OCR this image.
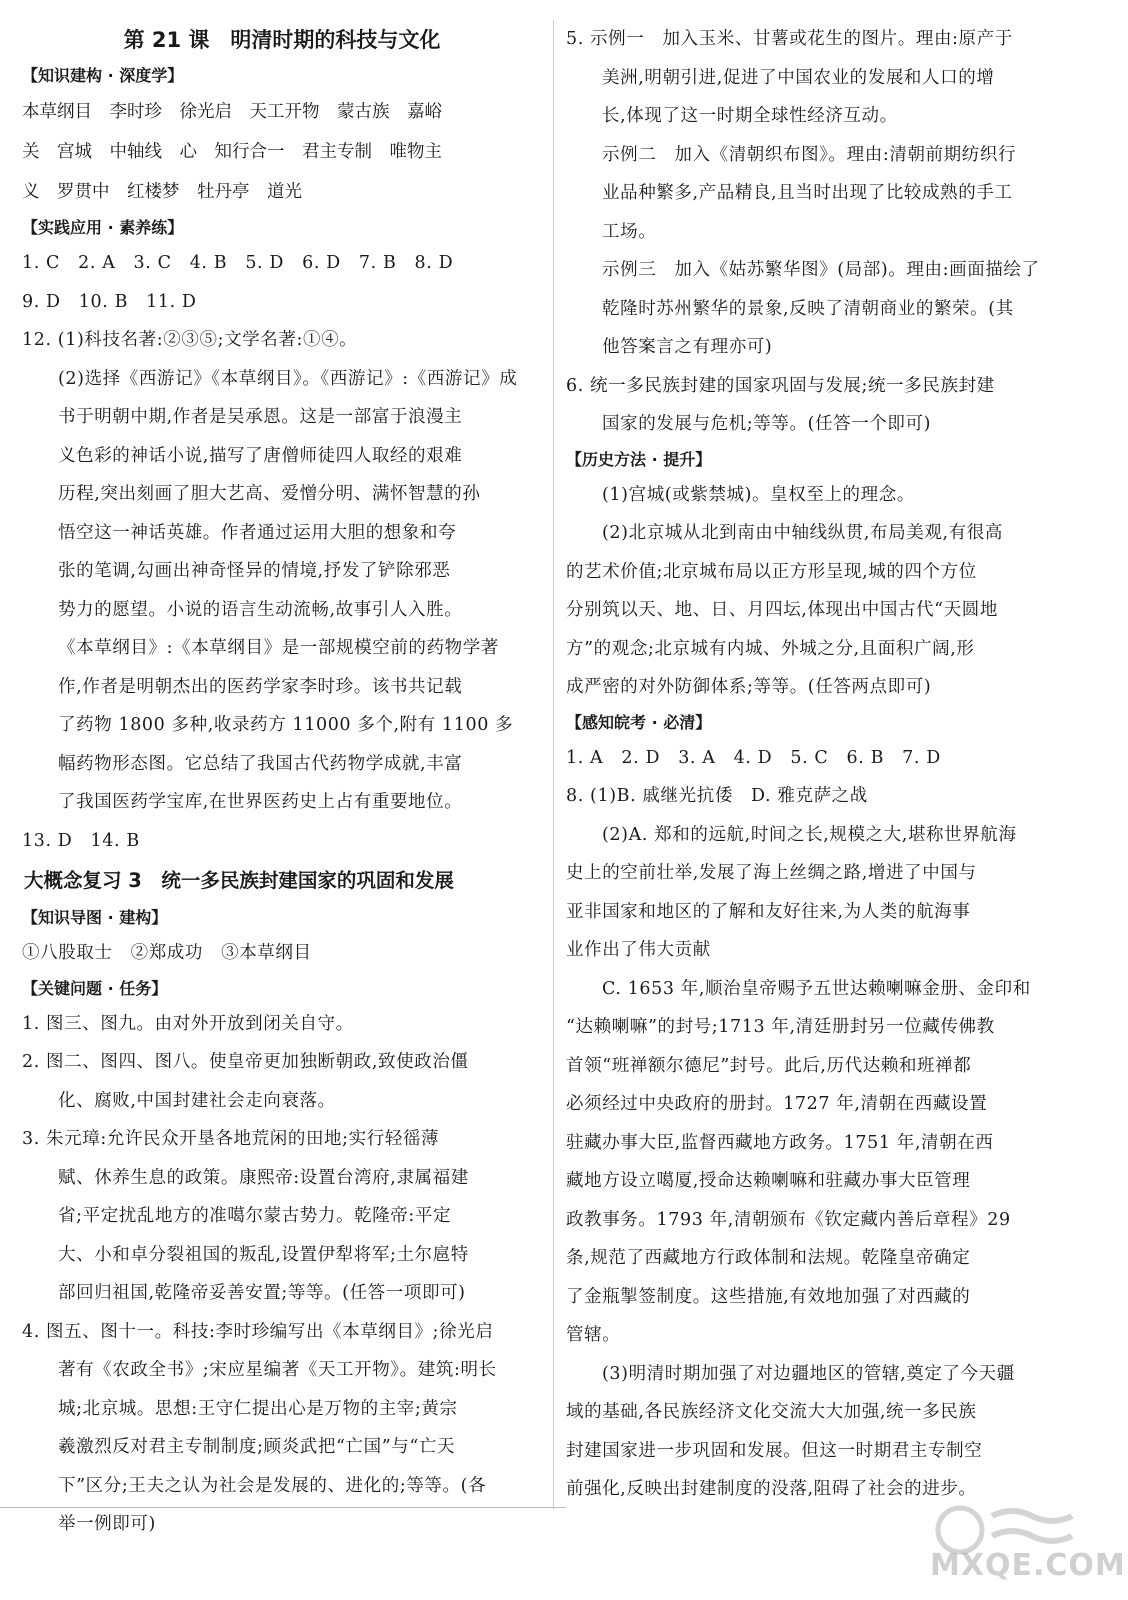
第 21 课　明清时期的科技与文化
【知识建构 · 深度学】
本草纲目　李时珍　徐光启　天工开物　蒙古族　嘉峪
关　宫城　中轴线　心　知行合一　君主专制　唯物主
义　罗贯中　红楼梦　牡丹亭　道光
【实践应用 · 素养练】
1. C　2. A　3. C　4. B　5. D　6. D　7. B　8. D
9. D　10. B　11. D
12. (1)科技名著:②③⑤;文学名著:①④。
(2)选择《西游记》《本草纲目》。《西游记》:《西游记》成
书于明朝中期,作者是吴承恩。这是一部富于浪漫主
义色彩的神话小说,描写了唐僧师徒四人取经的艰难
历程,突出刻画了胆大艺高、爱憎分明、满怀智慧的孙
悟空这一神话英雄。作者通过运用大胆的想象和夸
张的笔调,勾画出神奇怪异的情境,抒发了铲除邪恶
势力的愿望。小说的语言生动流畅,故事引人入胜。
《本草纲目》:《本草纲目》是一部规模空前的药物学著
作,作者是明朝杰出的医药学家李时珍。该书共记载
了药物 1800 多种,收录药方 11000 多个,附有 1100 多
幅药物形态图。它总结了我国古代药物学成就,丰富
了我国医药学宝库,在世界医药史上占有重要地位。
13. D　14. B
大概念复习 3　统一多民族封建国家的巩固和发展
【知识导图 · 建构】
①八股取士　②郑成功　③本草纲目
【关键问题 · 任务】
1. 图三、图九。由对外开放到闭关自守。
2. 图二、图四、图八。使皇帝更加独断朝政,致使政治僵
化、腐败,中国封建社会走向衰落。
3. 朱元璋:允许民众开垦各地荒闲的田地;实行轻徭薄
赋、休养生息的政策。康熙帝:设置台湾府,隶属福建
省;平定扰乱地方的准噶尔蒙古势力。乾隆帝:平定
大、小和卓分裂祖国的叛乱,设置伊犁将军;土尔扈特
部回归祖国,乾隆帝妥善安置;等等。(任答一项即可)
4. 图五、图十一。科技:李时珍编写出《本草纲目》;徐光启
著有《农政全书》;宋应星编著《天工开物》。建筑:明长
城;北京城。思想:王守仁提出心是万物的主宰;黄宗
羲激烈反对君主专制制度;顾炎武把“亡国”与“亡天
下”区分;王夫之认为社会是发展的、进化的;等等。(各
举一例即可)
5. 示例一　加入玉米、甘薯或花生的图片。理由:原产于
美洲,明朝引进,促进了中国农业的发展和人口的增
长,体现了这一时期全球性经济互动。
示例二　加入《清朝织布图》。理由:清朝前期纺织行
业品种繁多,产品精良,且当时出现了比较成熟的手工
工场。
示例三　加入《姑苏繁华图》(局部)。理由:画面描绘了
乾隆时苏州繁华的景象,反映了清朝商业的繁荣。(其
他答案言之有理亦可)
6. 统一多民族封建的国家巩固与发展;统一多民族封建
国家的发展与危机;等等。(任答一个即可)
【历史方法 · 提升】
(1)宫城(或紫禁城)。皇权至上的理念。
(2)北京城从北到南由中轴线纵贯,布局美观,有很高
的艺术价值;北京城布局以正方形呈现,城的四个方位
分别筑以天、地、日、月四坛,体现出中国古代“天圆地
方”的观念;北京城有内城、外城之分,且面积广阔,形
成严密的对外防御体系;等等。(任答两点即可)
【感知皖考 · 必清】
1. A　2. D　3. A　4. D　5. C　6. B　7. D
8. (1)B. 戚继光抗倭　D. 雅克萨之战
(2)A. 郑和的远航,时间之长,规模之大,堪称世界航海
史上的空前壮举,发展了海上丝绸之路,增进了中国与
亚非国家和地区的了解和友好往来,为人类的航海事
业作出了伟大贡献
C. 1653 年,顺治皇帝赐予五世达赖喇嘛金册、金印和
“达赖喇嘛”的封号;1713 年,清廷册封另一位藏传佛教
首领“班禅额尔德尼”封号。此后,历代达赖和班禅都
必须经过中央政府的册封。1727 年,清朝在西藏设置
驻藏办事大臣,监督西藏地方政务。1751 年,清朝在西
藏地方设立噶厦,授命达赖喇嘛和驻藏办事大臣管理
政教事务。1793 年,清朝颁布《钦定藏内善后章程》29
条,规范了西藏地方行政体制和法规。乾隆皇帝确定
了金瓶掣签制度。这些措施,有效地加强了对西藏的
管辖。
(3)明清时期加强了对边疆地区的管辖,奠定了今天疆
域的基础,各民族经济文化交流大大加强,统一多民族
封建国家进一步巩固和发展。但这一时期君主专制空
前强化,反映出封建制度的没落,阻碍了社会的进步。
MXQE.COM
